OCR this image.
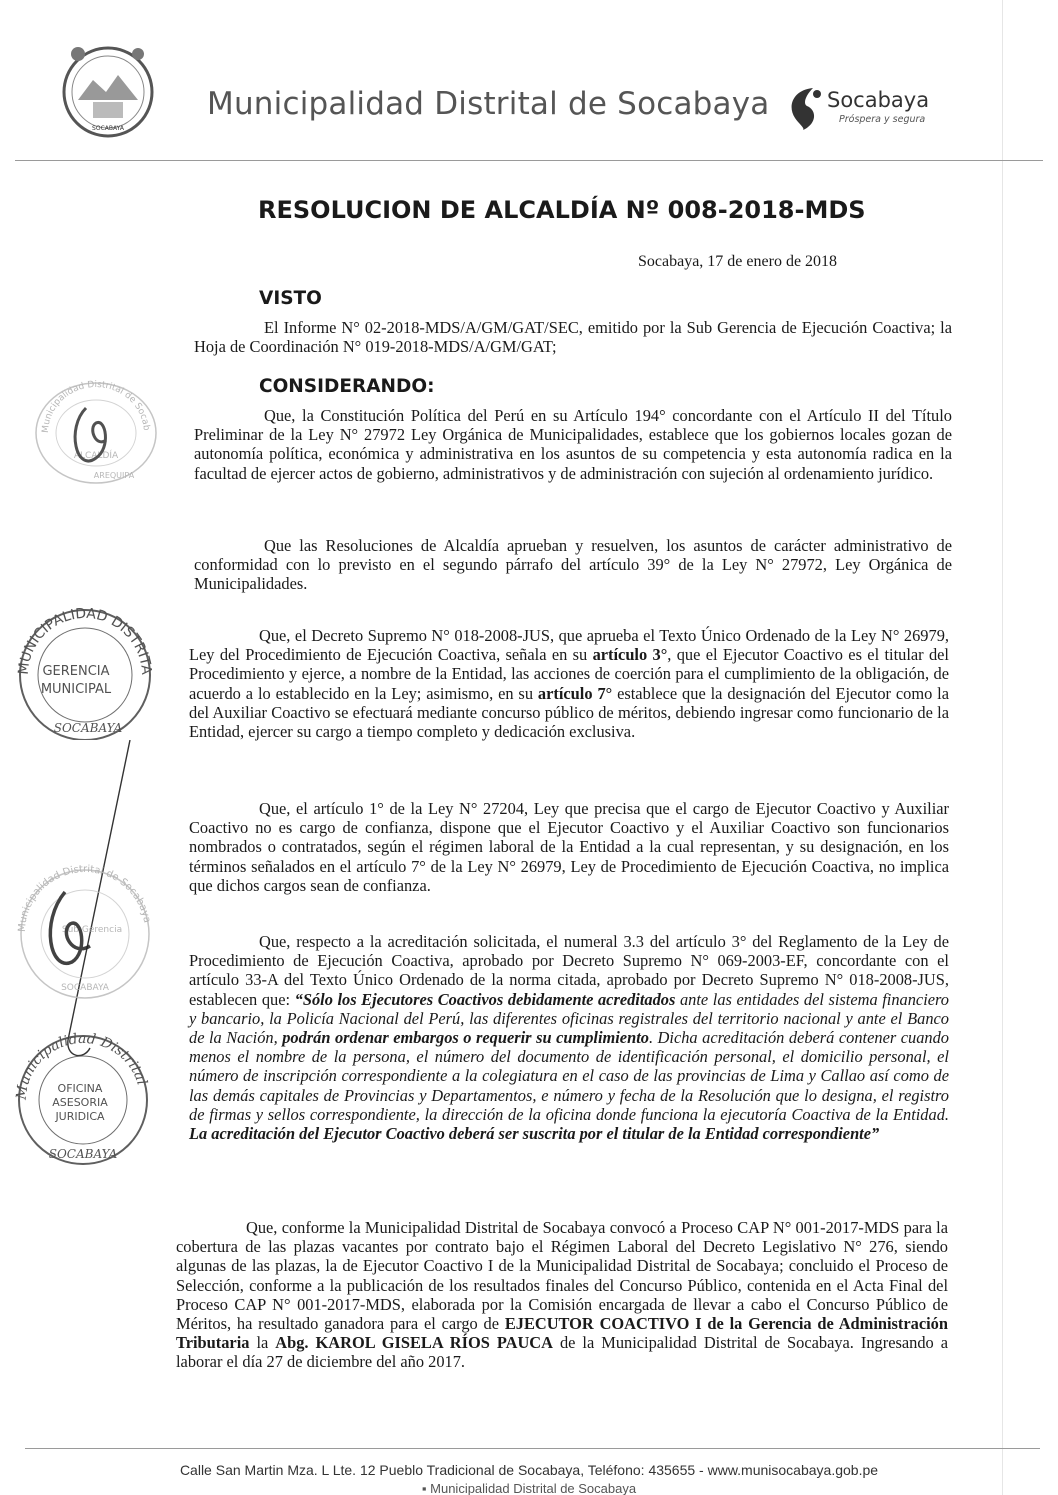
SOCABAYA
Municipalidad Distrital de Socabaya	Socabaya
Próspera y segura
RESOLUCION DE ALCALDÍA Nº 008-2018-MDS
Socabaya, 17 de enero de 2018
VISTO
El Informe N° 02-2018-MDS/A/GM/GAT/SEC, emitido por la Sub Gerencia de Ejecución Coactiva; la Hoja de Coordinación N° 019-2018-MDS/A/GM/GAT;
CONSIDERANDO:
Que, la Constitución Política del Perú en su Artículo 194° concordante con el Artículo II del Título Preliminar de la Ley N° 27972 Ley Orgánica de Municipalidades, establece que los gobiernos locales gozan de autonomía política, económica y administrativa en los asuntos de su competencia y esta autonomía radica en la facultad de ejercer actos de gobierno, administrativos y de administración con sujeción al ordenamiento jurídico.
Que las Resoluciones de Alcaldía aprueban y resuelven, los asuntos de carácter administrativo de conformidad con lo previsto en el segundo párrafo del artículo 39° de la Ley N° 27972, Ley Orgánica de Municipalidades.
Que, el Decreto Supremo N° 018-2008-JUS, que aprueba el Texto Único Ordenado de la Ley N° 26979, Ley del Procedimiento de Ejecución Coactiva, señala en su artículo 3°, que el Ejecutor Coactivo es el titular del Procedimiento y ejerce, a nombre de la Entidad, las acciones de coerción para el cumplimiento de la obligación, de acuerdo a lo establecido en la Ley; asimismo, en su artículo 7° establece que la designación del Ejecutor como la del Auxiliar Coactivo se efectuará mediante concurso público de méritos, debiendo ingresar como funcionario de la Entidad, ejercer su cargo a tiempo completo y dedicación exclusiva.
Que, el artículo 1° de la Ley N° 27204, Ley que precisa que el cargo de Ejecutor Coactivo y Auxiliar Coactivo no es cargo de confianza, dispone que el Ejecutor Coactivo y el Auxiliar Coactivo son funcionarios nombrados o contratados, según el régimen laboral de la Entidad a la cual representan, y su designación, en los términos señalados en el artículo 7° de la Ley N° 26979, Ley de Procedimiento de Ejecución Coactiva, no implica que dichos cargos sean de confianza.
Que, respecto a la acreditación solicitada, el numeral 3.3 del artículo 3° del Reglamento de la Ley de Procedimiento de Ejecución Coactiva, aprobado por Decreto Supremo N° 069-2003-EF, concordante con el artículo 33-A del Texto Único Ordenado de la norma citada, aprobado por Decreto Supremo N° 018-2008-JUS, establecen que: “Sólo los Ejecutores Coactivos debidamente acreditados ante las entidades del sistema financiero y bancario, la Policía Nacional del Perú, las diferentes oficinas registrales del territorio nacional y ante el Banco de la Nación, podrán ordenar embargos o requerir su cumplimiento. Dicha acreditación deberá contener cuando menos el nombre de la persona, el número del documento de identificación personal, el domicilio personal, el número de inscripción correspondiente a la colegiatura en el caso de las provincias de Lima y Callao así como de las demás capitales de Provincias y Departamentos, e número y fecha de la Resolución que lo designa, el registro de firmas y sellos correspondiente, la dirección de la oficina donde funciona la ejecutoría Coactiva de la Entidad. La acreditación del Ejecutor Coactivo deberá ser suscrita por el titular de la Entidad correspondiente”
Que, conforme la Municipalidad Distrital de Socabaya convocó a Proceso CAP N° 001-2017-MDS para la cobertura de las plazas vacantes por contrato bajo el Régimen Laboral del Decreto Legislativo N° 276, siendo algunas de las plazas, la de Ejecutor Coactivo I de la Municipalidad Distrital de Socabaya; concluido el Proceso de Selección, conforme a la publicación de los resultados finales del Concurso Público, contenida en el Acta Final del Proceso CAP N° 001-2017-MDS, elaborada por la Comisión encargada de llevar a cabo el Concurso Público de Méritos, ha resultado ganadora para el cargo de EJECUTOR COACTIVO I de la Gerencia de Administración Tributaria la Abg. KAROL GISELA RÍOS PAUCA de la Municipalidad Distrital de Socabaya. Ingresando a laborar el día 27 de diciembre del año 2017.
Municipalidad Distrital de Socab
ALCALDÍA
AREQUIPA
MUNICIPALIDAD DISTRITA
GERENCIA
MUNICIPAL
SOCABAYA
Municipalidad Distrital de Socabaya
Sub Gerencia
SOCABAYA
Municipalidad Distrital
OFICINA
ASESORIA
JURIDICA
SOCABAYA
Calle San Martin Mza. L Lte. 12 Pueblo Tradicional de Socabaya, Teléfono: 435655 - www.munisocabaya.gob.pe
▪ Municipalidad Distrital de Socabaya
